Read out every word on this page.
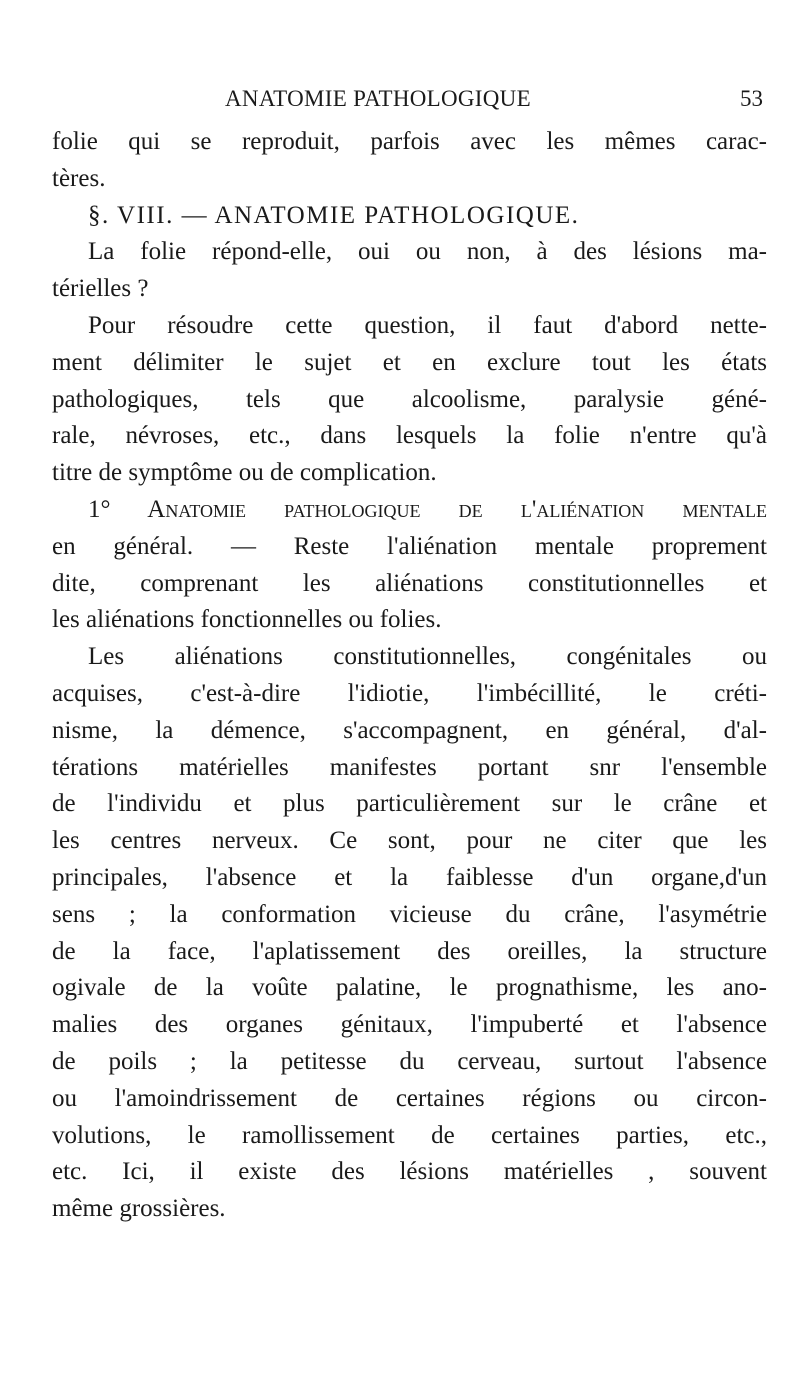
ANATOMIE PATHOLOGIQUE	53
folie qui se reproduit, parfois avec les mêmes carac-
tères.
§. VIII. — ANATOMIE PATHOLOGIQUE.
La folie répond-elle, oui ou non, à des lésions ma-
térielles ?
Pour résoudre cette question, il faut d'abord nette-
ment délimiter le sujet et en exclure tout les états
pathologiques, tels que alcoolisme, paralysie géné-
rale, névroses, etc., dans lesquels la folie n'entre qu'à
titre de symptôme ou de complication.
1° Anatomie pathologique de l'aliénation mentale
en général. — Reste l'aliénation mentale proprement
dite, comprenant les aliénations constitutionnelles et
les aliénations fonctionnelles ou folies.
Les aliénations constitutionnelles, congénitales ou
acquises, c'est-à-dire l'idiotie, l'imbécillité, le créti-
nisme, la démence, s'accompagnent, en général, d'al-
térations matérielles manifestes portant snr l'ensemble
de l'individu et plus particulièrement sur le crâne et
les centres nerveux. Ce sont, pour ne citer que les
principales, l'absence et la faiblesse d'un organe,d'un
sens ; la conformation vicieuse du crâne, l'asymétrie
de la face, l'aplatissement des oreilles, la structure
ogivale de la voûte palatine, le prognathisme, les ano-
malies des organes génitaux, l'impuberté et l'absence
de poils ; la petitesse du cerveau, surtout l'absence
ou l'amoindrissement de certaines régions ou circon-
volutions, le ramollissement de certaines parties, etc.,
etc. Ici, il existe des lésions matérielles , souvent
même grossières.
